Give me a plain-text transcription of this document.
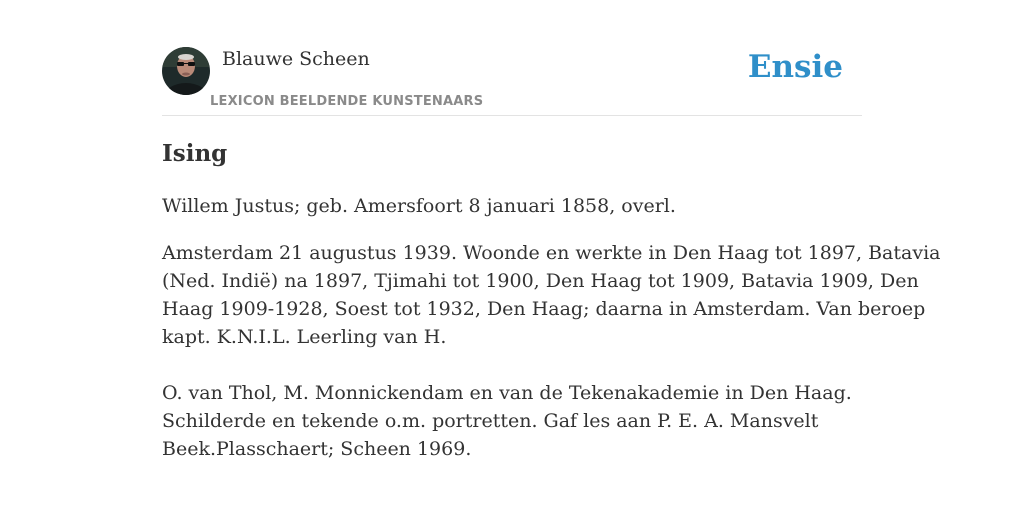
Blauwe Scheen
LEXICON BEELDENDE KUNSTENAARS
Ensie
Ising

Willem Justus; geb. Amersfoort 8 januari 1858, overl.

Amsterdam 21 augustus 1939. Woonde en werkte in Den Haag tot 1897, Batavia
(Ned. Indië) na 1897, Tjimahi tot 1900, Den Haag tot 1909, Batavia 1909, Den
Haag 1909-1928, Soest tot 1932, Den Haag; daarna in Amsterdam. Van beroep
kapt. K.N.I.L. Leerling van H.

O. van Thol, M. Monnickendam en van de Tekenakademie in Den Haag.
Schilderde en tekende o.m. portretten. Gaf les aan P. E. A. Mansvelt
Beek.Plasschaert; Scheen 1969.
